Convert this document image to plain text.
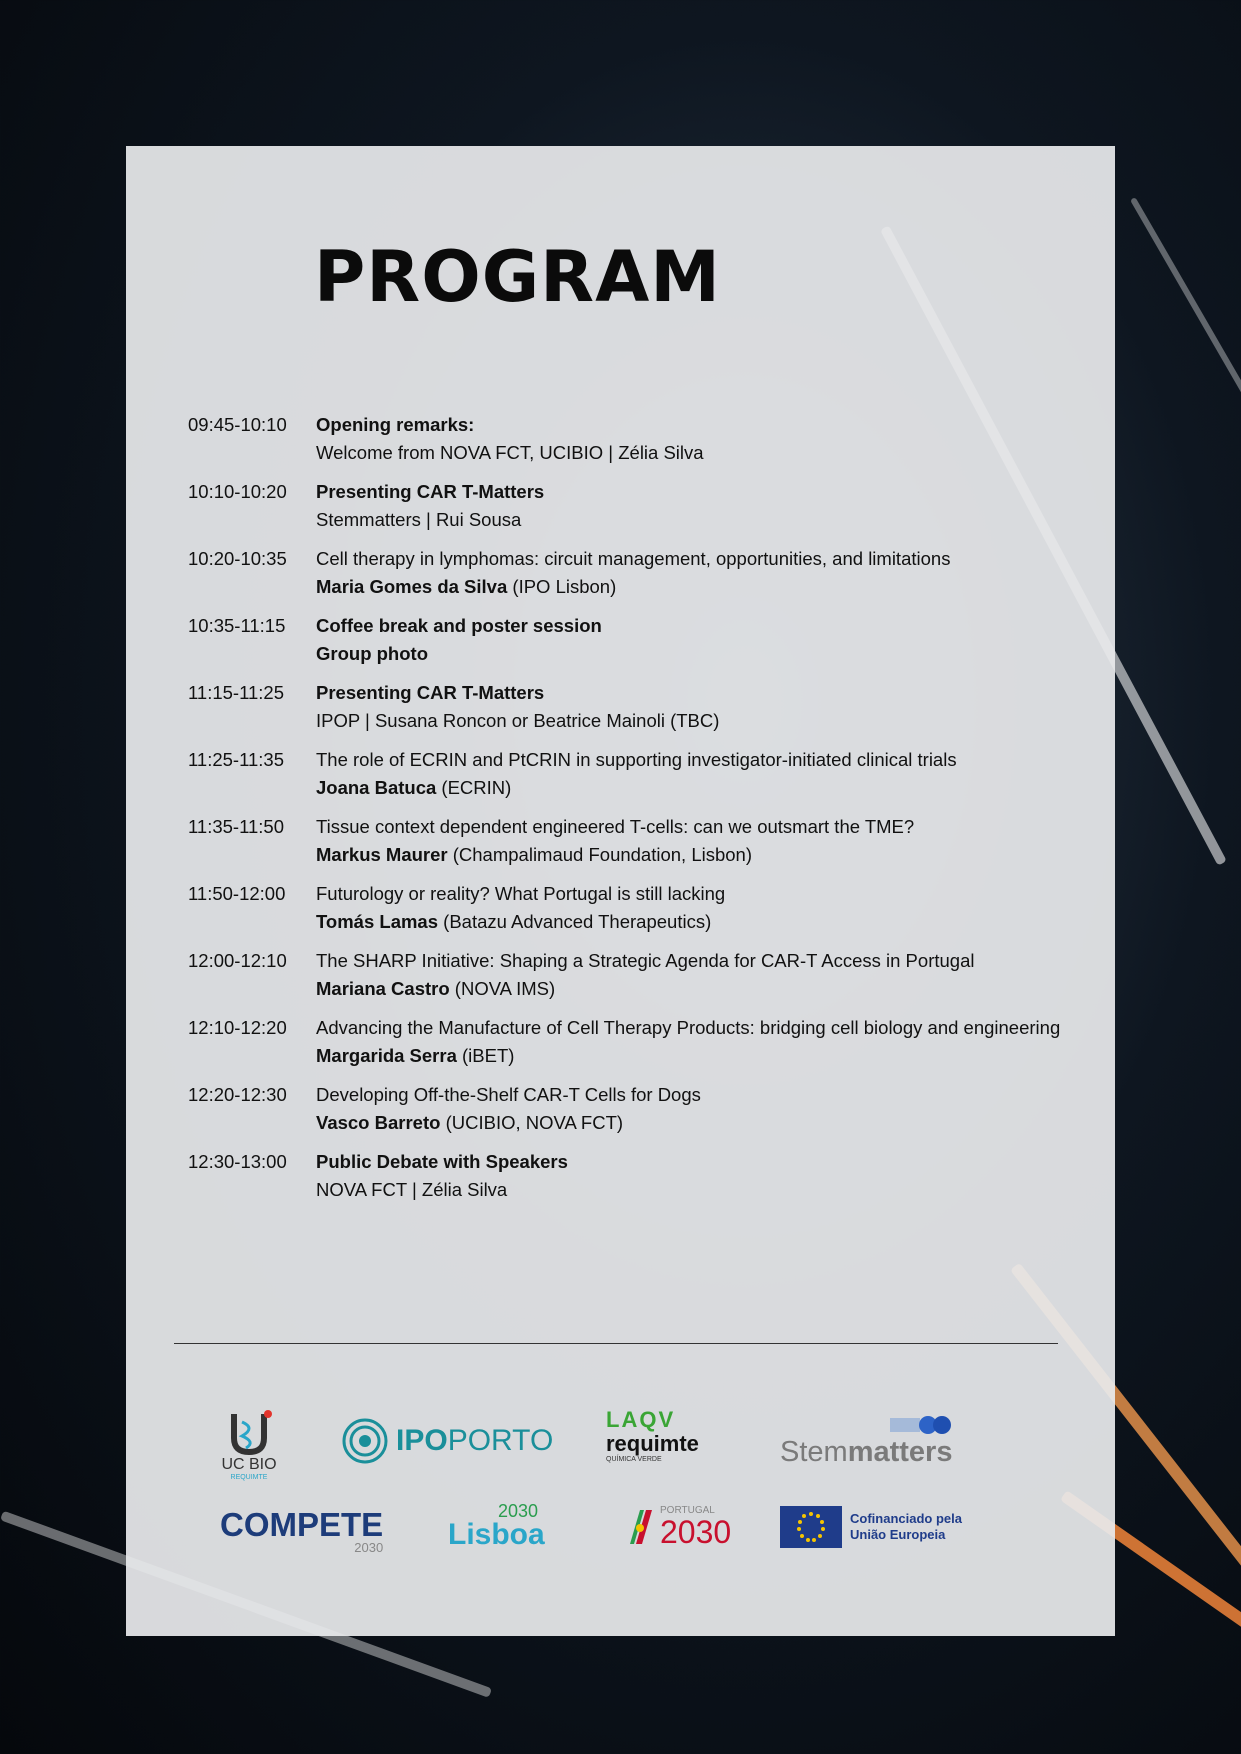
PROGRAM
09:45-10:10	Opening remarks:
Welcome from NOVA FCT, UCIBIO | Zélia Silva
10:10-10:20	Presenting CAR T-Matters
Stemmatters | Rui Sousa
10:20-10:35	Cell therapy in lymphomas: circuit management, opportunities, and limitations
Maria Gomes da Silva (IPO Lisbon)
10:35-11:15	Coffee break and poster session
Group photo
11:15-11:25	Presenting CAR T-Matters
IPOP | Susana Roncon or Beatrice Mainoli (TBC)
11:25-11:35	The role of ECRIN and PtCRIN in supporting investigator-initiated clinical trials
Joana Batuca (ECRIN)
11:35-11:50	Tissue context dependent engineered T-cells: can we outsmart the TME?
Markus Maurer (Champalimaud Foundation, Lisbon)
11:50-12:00	Futurology or reality? What Portugal is still lacking
Tomás Lamas (Batazu Advanced Therapeutics)
12:00-12:10	The SHARP Initiative: Shaping a Strategic Agenda for CAR-T Access in Portugal
Mariana Castro (NOVA IMS)
12:10-12:20	Advancing the Manufacture of Cell Therapy Products: bridging cell biology and engineering
Margarida Serra (iBET)
12:20-12:30	Developing Off-the-Shelf CAR-T Cells for Dogs
Vasco Barreto (UCIBIO, NOVA FCT)
12:30-13:00	Public Debate with Speakers
NOVA FCT | Zélia Silva
UC BIO
REQUIMTE
IPOPORTO
LAQV
requimte
QUÍMICA VERDE	Stemmatters
COMPETE
2030
2030
Lisboa
PORTUGAL
2030	Cofinanciado pela
União Europeia
